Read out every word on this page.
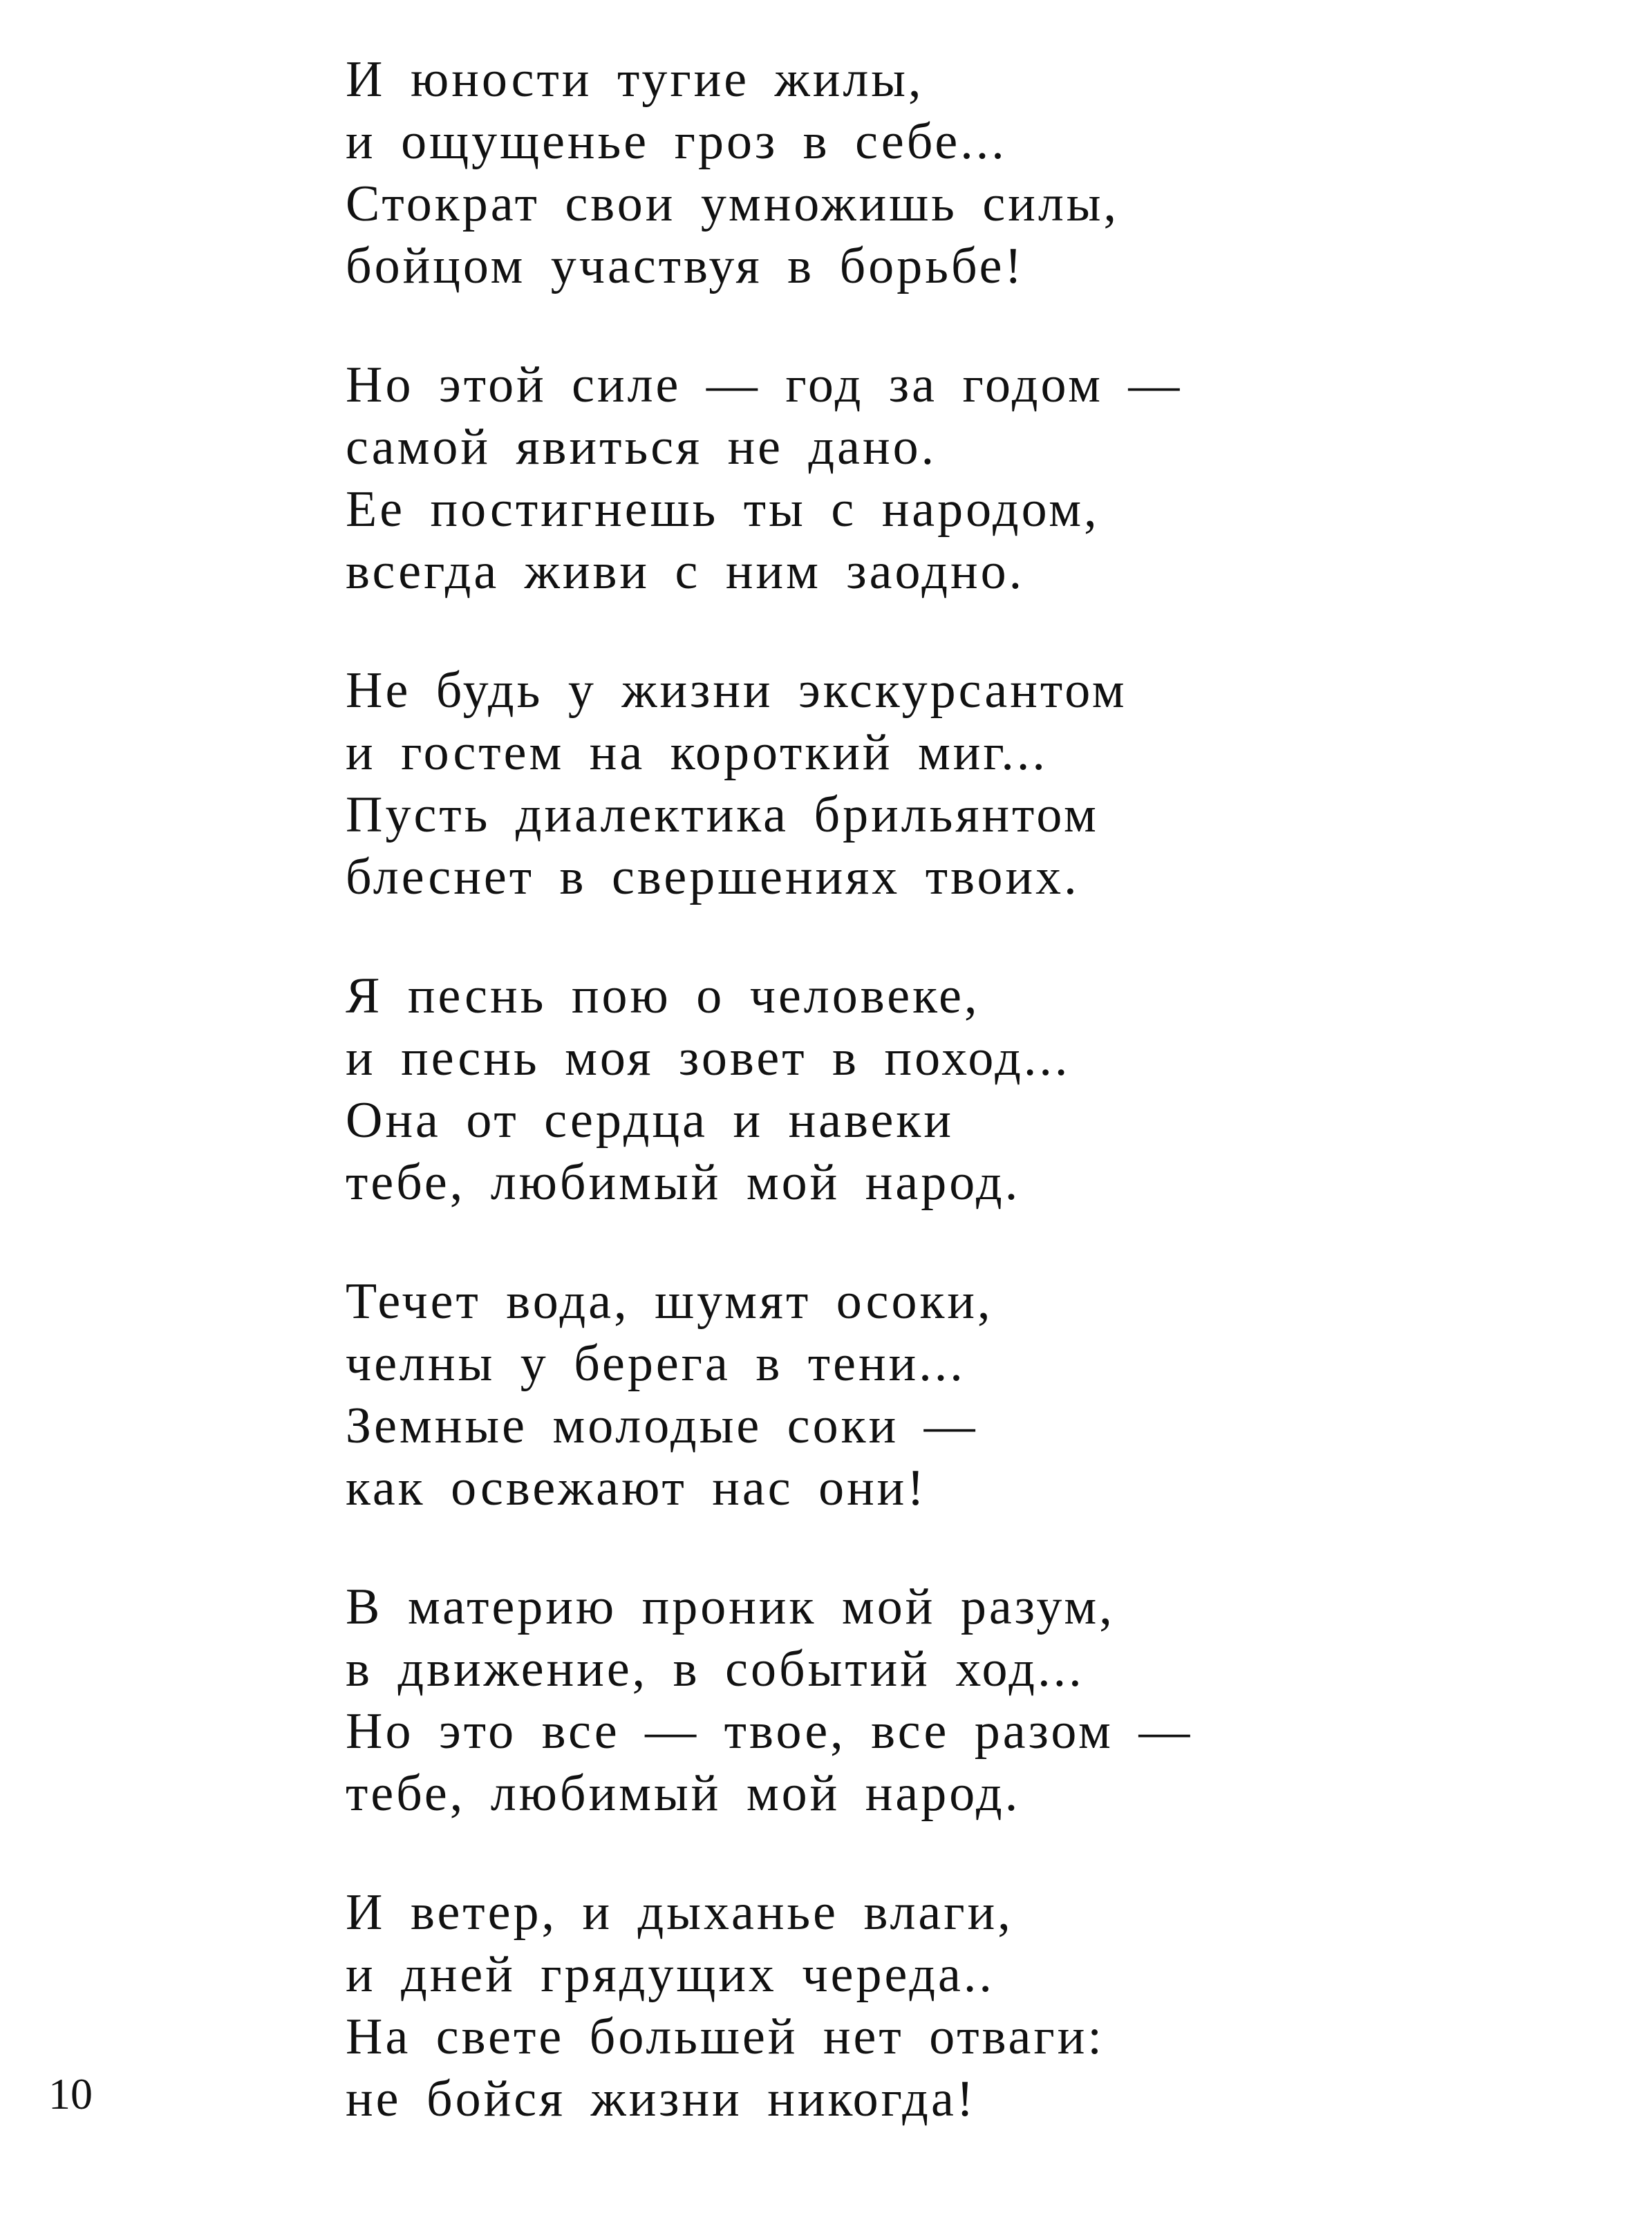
И юности тугие жилы,
и ощущенье гроз в себе...
Стократ свои умножишь силы,
бойцом участвуя в борьбе!
Но этой силе — год за годом —
самой явиться не дано.
Ее постигнешь ты с народом,
всегда живи с ним заодно.
Не будь у жизни экскурсантом
и гостем на короткий миг...
Пусть диалектика брильянтом
блеснет в свершениях твоих.
Я песнь пою о человеке,
и песнь моя зовет в поход...
Она от сердца и навеки
тебе, любимый мой народ.
Течет вода, шумят осоки,
челны у берега в тени...
Земные молодые соки —
как освежают нас они!
В материю проник мой разум,
в движение, в событий ход...
Но это все — твое, все разом —
тебе, любимый мой народ.
И ветер, и дыханье влаги,
и дней грядущих череда..
На свете большей нет отваги:
не бойся жизни никогда!
10
